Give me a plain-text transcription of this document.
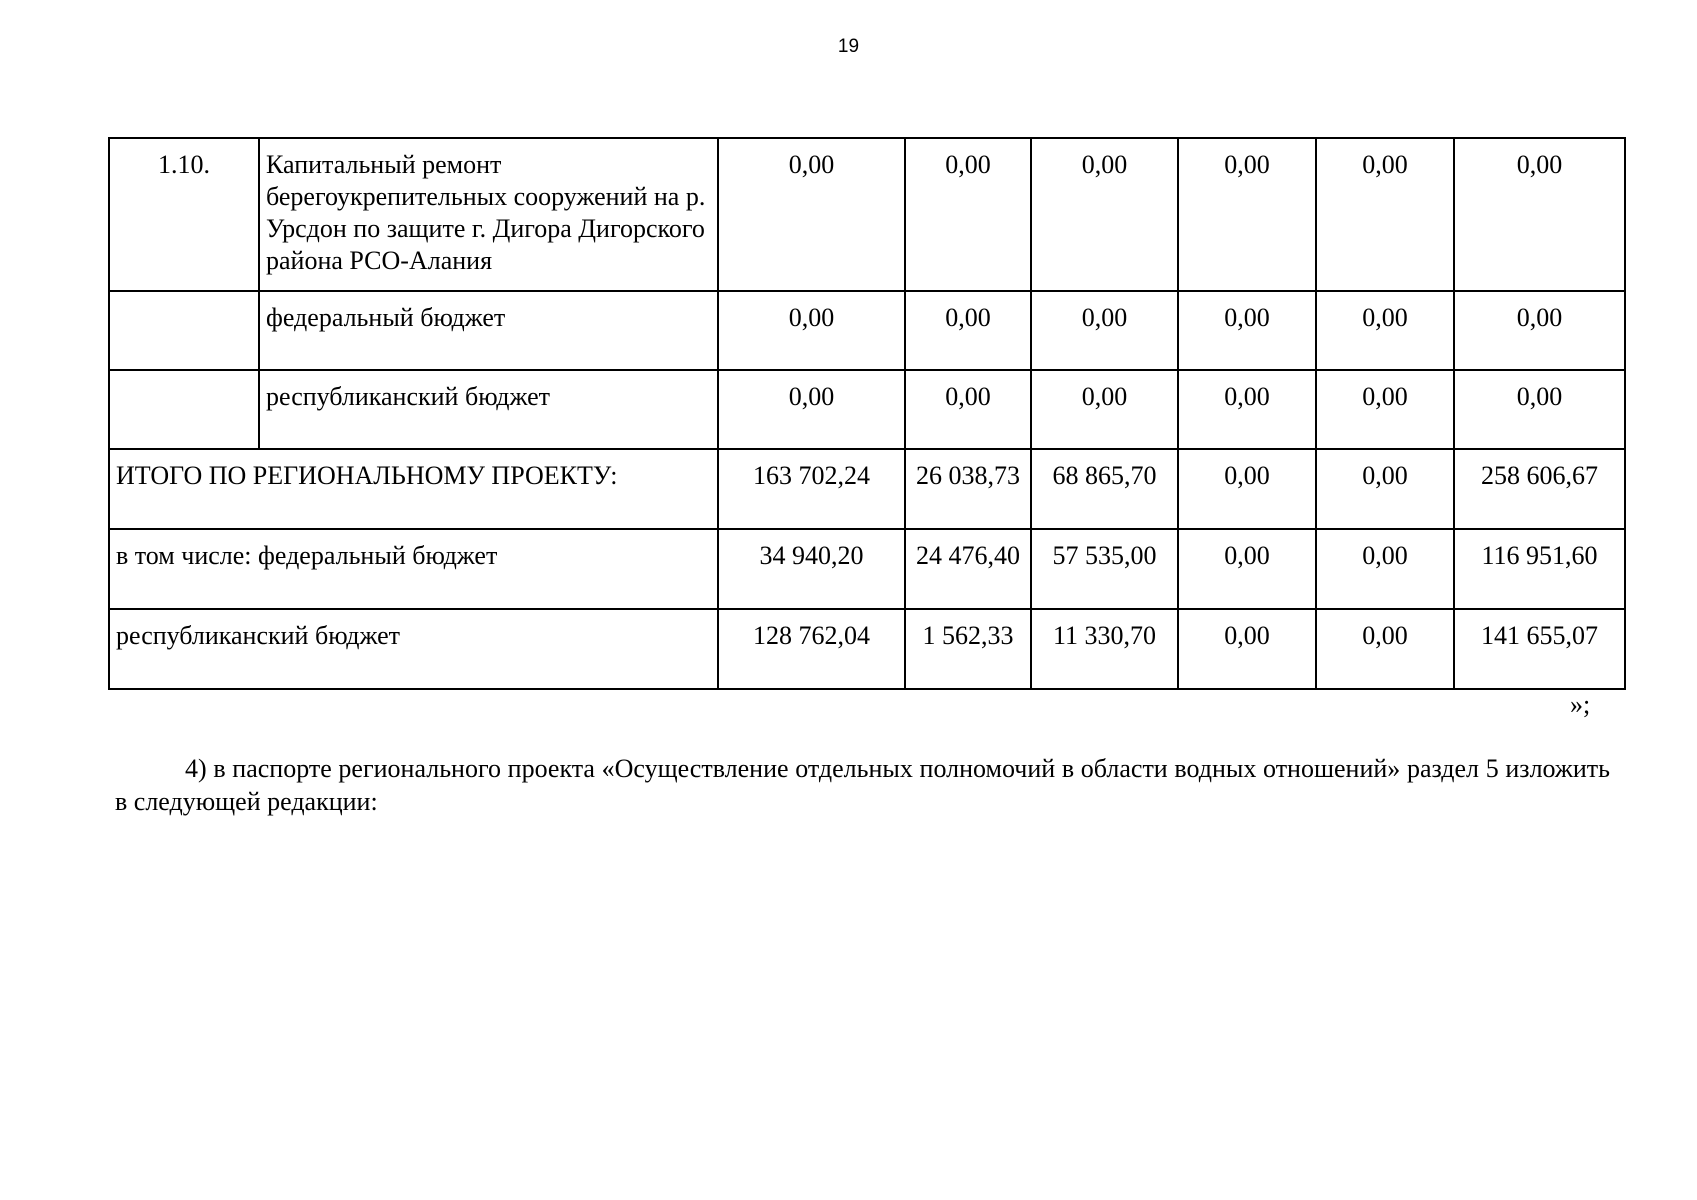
19
1.10.	Капитальный ремонт берегоукрепительных сооружений на р. Урсдон по защите г. Дигора Дигорского района РСО-Алания	0,00	0,00	0,00	0,00	0,00	0,00
	федеральный бюджет	0,00	0,00	0,00	0,00	0,00	0,00
	республиканский бюджет	0,00	0,00	0,00	0,00	0,00	0,00
ИТОГО ПО РЕГИОНАЛЬНОМУ ПРОЕКТУ:		163 702,24	26 038,73	68 865,70	0,00	0,00	258 606,67
в том числе: федеральный бюджет		34 940,20	24 476,40	57 535,00	0,00	0,00	116 951,60
республиканский бюджет		128 762,04	1 562,33	11 330,70	0,00	0,00	141 655,07
»;
4) в паспорте регионального проекта «Осуществление отдельных полномочий в области водных отношений» раздел 5 изложить в следующей редакции:
